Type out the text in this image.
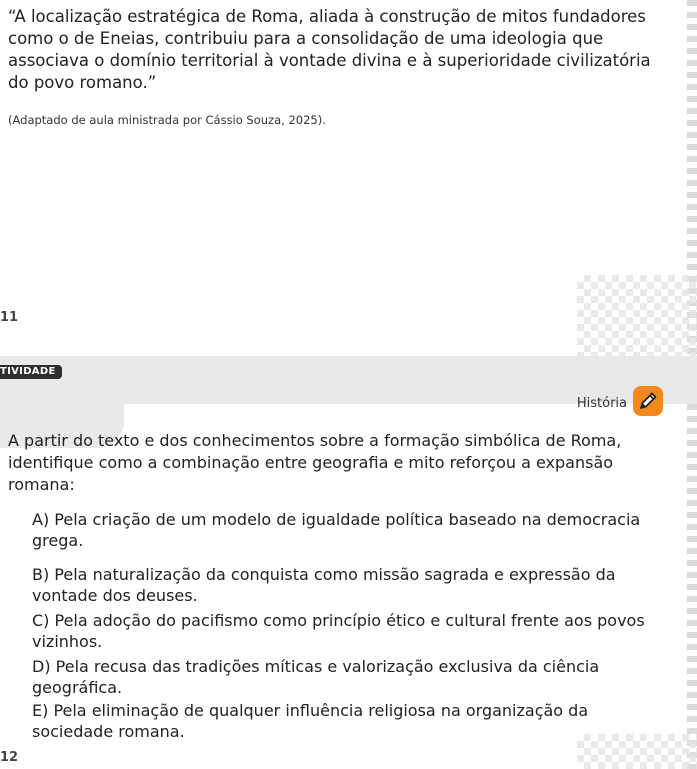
“A localização estratégica de Roma, aliada à construção de mitos fundadores como o de Eneias, contribuiu para a consolidação de uma ideologia que associava o domínio territorial à vontade divina e à superioridade civilizatória do povo romano.”

(Adaptado de aula ministrada por Cássio Souza, 2025).
11
12
TIVIDADE
História

A partir do texto e dos conhecimentos sobre a formação simbólica de Roma, identifique como a combinação entre geografia e mito reforçou a expansão romana:

A) Pela criação de um modelo de igualdade política baseado na democracia grega.

B) Pela naturalização da conquista como missão sagrada e expressão da vontade dos deuses.

C) Pela adoção do pacifismo como princípio ético e cultural frente aos povos vizinhos.

D) Pela recusa das tradições míticas e valorização exclusiva da ciência geográfica.

E) Pela eliminação de qualquer influência religiosa na organização da sociedade romana.
